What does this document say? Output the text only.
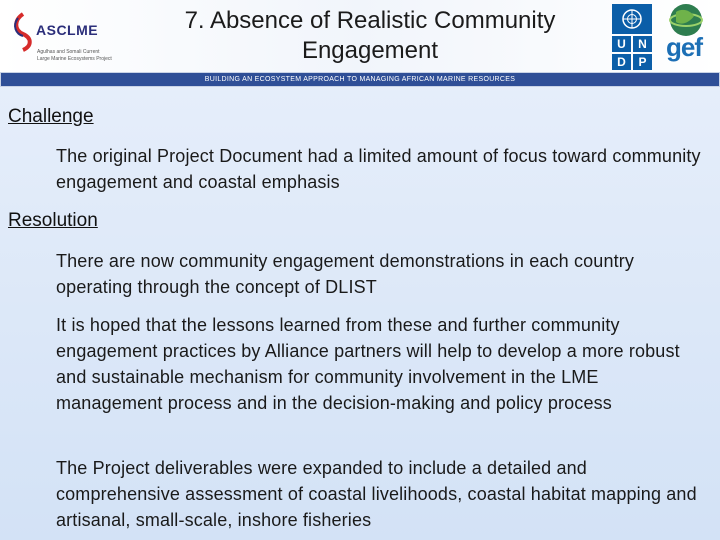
ASCLME
Agulhas and Somali Current
Large Marine Ecosystems Project
7. Absence of Realistic Community Engagement	U	N
D	P gef
BUILDING AN ECOSYSTEM APPROACH TO MANAGING AFRICAN MARINE RESOURCES
Challenge
The original Project Document had a limited amount of focus toward community engagement and coastal emphasis
Resolution
There are now community engagement demonstrations in each country operating through the concept of DLIST
It is hoped that the lessons learned from these and further community engagement practices by Alliance partners will help to develop a more robust and sustainable mechanism for community involvement in the LME management process and in the decision-making and policy process
The Project deliverables were expanded to include a detailed and comprehensive assessment of coastal livelihoods, coastal habitat mapping and artisanal, small-scale, inshore fisheries
